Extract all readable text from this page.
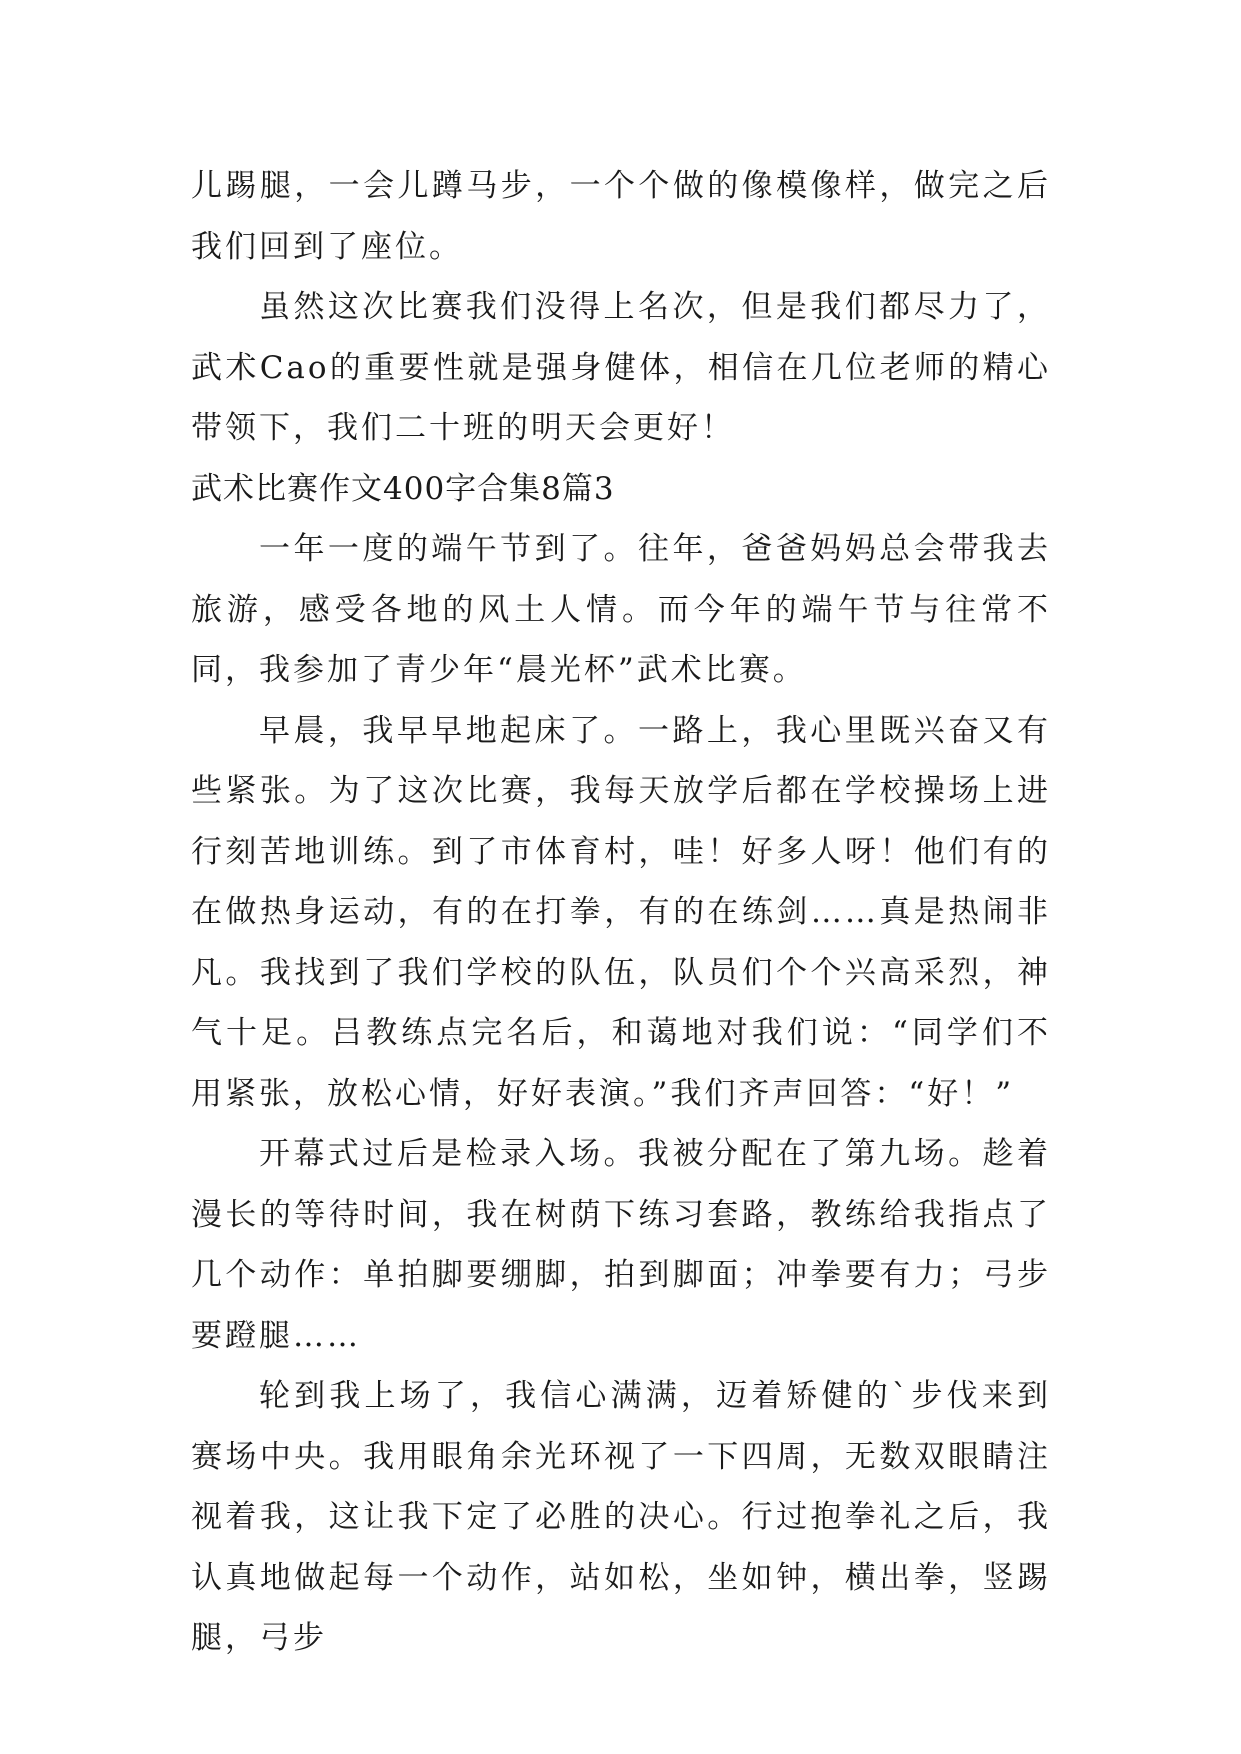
儿踢腿，一会儿蹲马步，一个个做的像模像样，做完之后我们回到了座位。

虽然这次比赛我们没得上名次，但是我们都尽力了，武术Cao的重要性就是强身健体，相信在几位老师的精心带领下，我们二十班的明天会更好！

武术比赛作文400字合集8篇3

一年一度的端午节到了。往年，爸爸妈妈总会带我去旅游，感受各地的风土人情。而今年的端午节与往常不同，我参加了青少年“晨光杯”武术比赛。

早晨，我早早地起床了。一路上，我心里既兴奋又有些紧张。为了这次比赛，我每天放学后都在学校操场上进行刻苦地训练。到了市体育村，哇！好多人呀！他们有的在做热身运动，有的在打拳，有的在练剑……真是热闹非凡。我找到了我们学校的队伍，队员们个个兴高采烈，神气十足。吕教练点完名后，和蔼地对我们说：“同学们不用紧张，放松心情，好好表演。”我们齐声回答：“好！”

开幕式过后是检录入场。我被分配在了第九场。趁着漫长的等待时间，我在树荫下练习套路，教练给我指点了几个动作：单拍脚要绷脚，拍到脚面；冲拳要有力；弓步要蹬腿……

轮到我上场了，我信心满满，迈着矫健的`步伐来到赛场中央。我用眼角余光环视了一下四周，无数双眼睛注视着我，这让我下定了必胜的决心。行过抱拳礼之后，我认真地做起每一个动作，站如松，坐如钟，横出拳，竖踢腿，弓步
